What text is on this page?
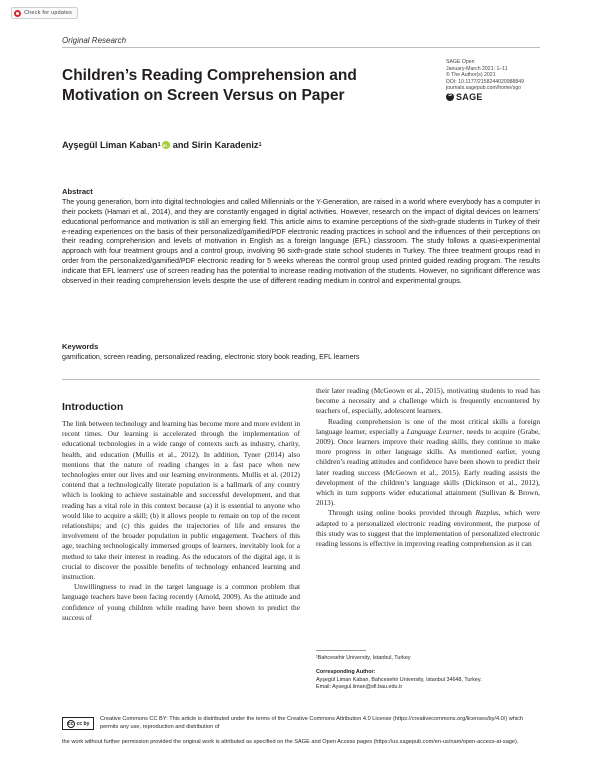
Check for updates
Original Research
Children’s Reading Comprehension and
Motivation on Screen Versus on Paper
SAGE Open
January-March 2021: 1–11
© The Author(s) 2021
DOI: 10.1177/2158244020988849
journals.sagepub.com/home/sgo
S
SAGE
Ayşegül Liman Kaban 1
iD and
Sirin Karadeniz 1
Abstract
The young generation, born into digital technologies and called Millennials or the Y-Generation, are raised in a world where everybody has a computer in their pockets (Hamari et al., 2014), and they are constantly engaged in digital activities. However, research on the impact of digital devices on learners’ educational performance and motivation is still an emerging field. This article aims to examine perceptions of the sixth-grade students in Turkey of their e-reading experiences on the basis of their personalized/gamified/PDF electronic reading practices in school and the influences of their perceptions on their reading comprehension and levels of motivation in English as a foreign language (EFL) classroom. The study follows a quasi-experimental approach with four treatment groups and a control group, involving 96 sixth-grade state school students in Turkey. The three treatment groups read in order from the personalized/gamified/PDF electronic reading for 5 weeks whereas the control group used printed guided reading program. The results indicate that EFL learners’ use of screen reading has the potential to increase reading motivation of the students. However, no significant difference was observed in their reading comprehension levels despite the use of different reading medium in control and experimental groups.
Keywords
gamification, screen reading, personalized reading, electronic story book reading, EFL learners
Introduction

The link between technology and learning has become more and more evident in recent times. Our learning is accelerated through the implementation of educational technologies in a wide range of contexts such as industry, charity, health, and education (Mullis et al., 2012). In addition, Tyner (2014) also mentions that the nature of reading changes in a fast pace when new technologies enter our lives and our learning environments. Mullis et al. (2012) contend that a technologically literate population is a hallmark of any country which is looking to achieve sustainable and successful development, and that reading has a vital role in this context because (a) it is essential to anyone who would like to acquire a skill; (b) it allows people to remain on top of the recent relationships; and (c) this guides the trajectories of life and ensures the involvement of the broader population in public engagement. Teachers of this age, teaching technologically immersed groups of learners, inevitably look for a method to take their interest in reading. As the educators of the digital age, it is crucial to discover the possible benefits of technology enhanced learning and instruction.

Unwillingness to read in the target language is a common problem that language teachers have been facing recently (Arnold, 2009). As the attitude and confidence of young children while reading have been shown to predict the success of

their later reading (McGeown et al., 2015), motivating students to read has become a necessity and a challenge which is frequently encountered by teachers of, especially, adolescent learners.

Reading comprehension is one of the most critical skills a foreign language learner, especially a Language Learner, needs to acquire (Grabe, 2009). Once learners improve their reading skills, they continue to make more progress in other language skills. As mentioned earlier, young children’s reading attitudes and confidence have been shown to predict their later reading success (McGeown et al., 2015). Early reading assists the development of the children’s language skills (Dickinson et al., 2012), which in turn supports wider educational attainment (Sullivan & Brown, 2013).

Through using online books provided through Razplus, which were adapted to a personalized electronic reading environment, the purpose of this study was to suggest that the implementation of personalized electronic reading lessons is effective in improving reading comprehension as it can

¹Bahcesehir University, Istanbul, Turkey
Corresponding Author:
Ayşegül Liman Kaban, Bahcesehir University, Istanbul 34648, Turkey.
Email: Aysegul.liman@sfl.bau.edu.tr
cc cc by
Creative Commons CC BY: This article is distributed under the terms of the Creative Commons Attribution 4.0 License (https://creativecommons.org/licenses/by/4.0/) which permits any use, reproduction and distribution of
the work without further permission provided the original work is attributed as specified on the SAGE and Open Access pages (https://us.sagepub.com/en-us/nam/open-access-at-sage).
